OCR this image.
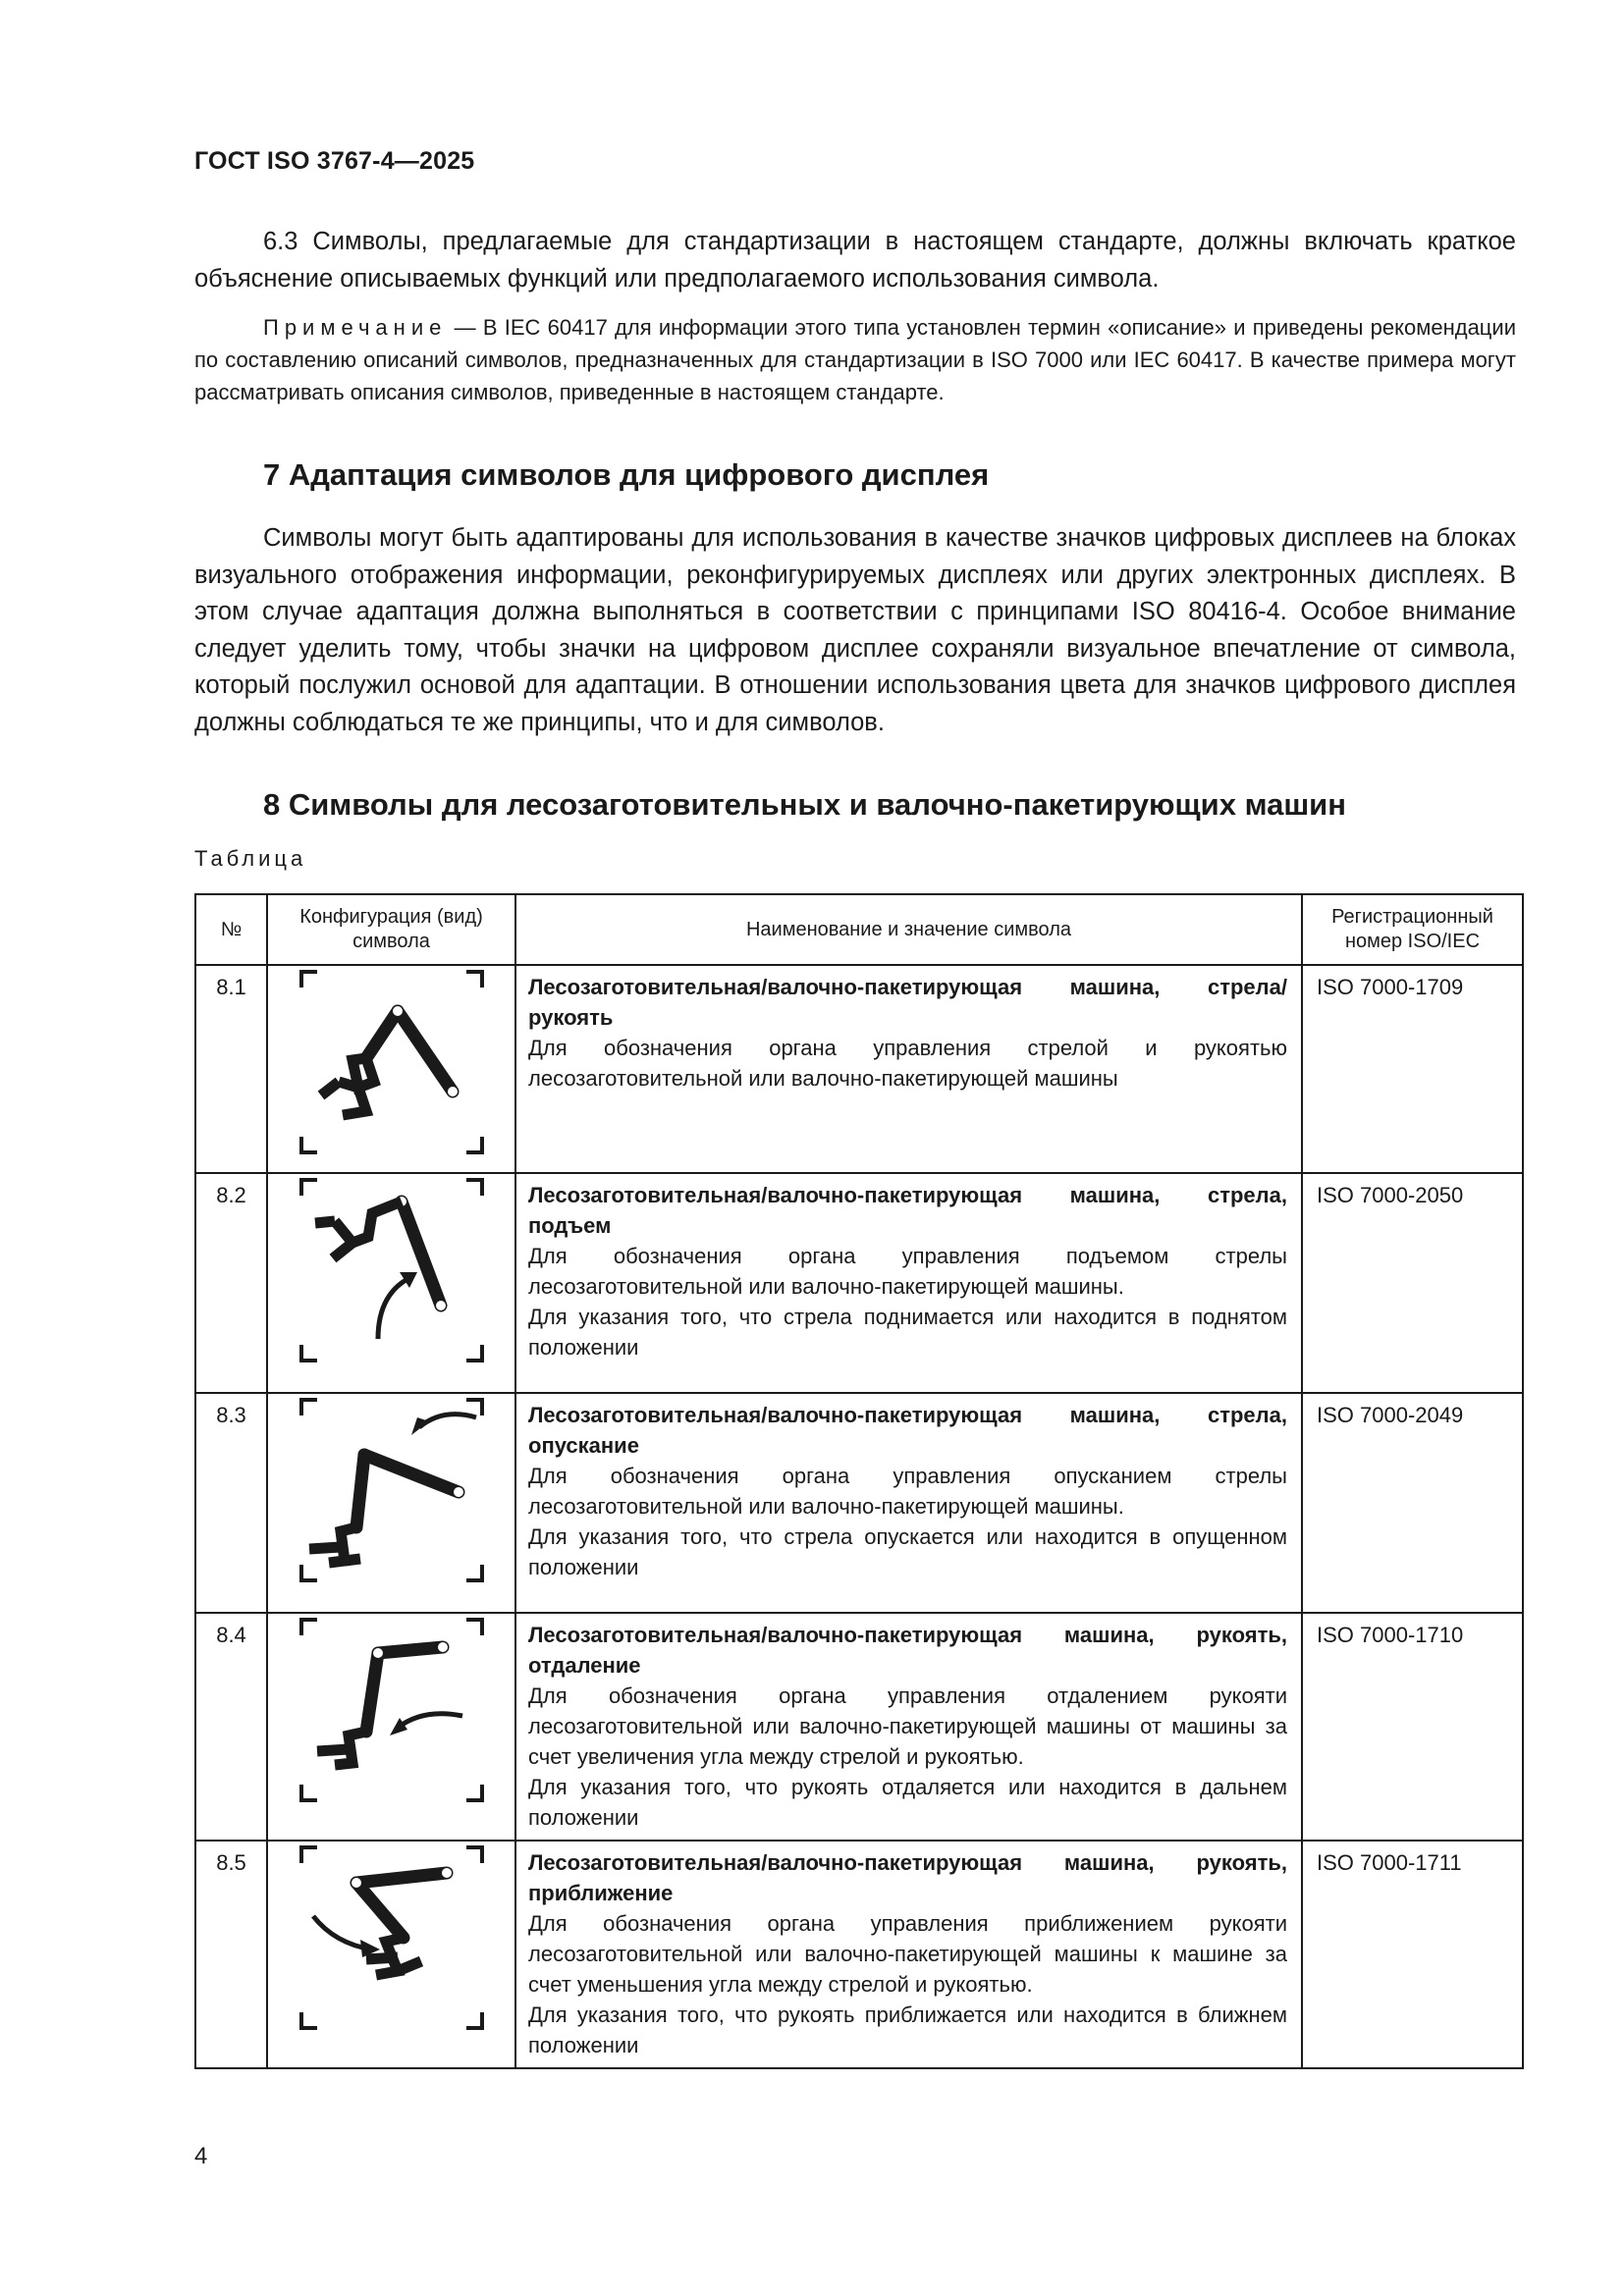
ГОСТ ISO 3767-4—2025

6.3 Символы, предлагаемые для стандартизации в настоящем стандарте, должны включать краткое объяснение описываемых функций или предполагаемого использования символа.

Примечание — В IEC 60417 для информации этого типа установлен термин «описание» и приведены рекомендации по составлению описаний символов, предназначенных для стандартизации в ISO 7000 или IEC 60417. В качестве примера могут рассматривать описания символов, приведенные в настоящем стандарте.

7 Адаптация символов для цифрового дисплея

Символы могут быть адаптированы для использования в качестве значков цифровых дисплеев на блоках визуального отображения информации, реконфигурируемых дисплеях или других электронных дисплеях. В этом случае адаптация должна выполняться в соответствии с принципами ISO 80416-4. Особое внимание следует уделить тому, чтобы значки на цифровом дисплее сохраняли визуальное впечатление от символа, который послужил основой для адаптации. В отношении использования цвета для значков цифрового дисплея должны соблюдаться те же принципы, что и для символов.

8 Символы для лесозаготовительных и валочно-пакетирующих машин
Таблица
№	Конфигурация (вид) символа	Наименование и значение символа	Регистрационный номер ISO/IEC
8.1		Лесозаготовительная/валочно-пакетирующая машина, стрела/рукоять
Для обозначения органа управления стрелой и рукоятью лесозаготовительной или валочно-пакетирующей машины	ISO 7000-1709
8.2		Лесозаготовительная/валочно-пакетирующая машина, стрела, подъем
Для обозначения органа управления подъемом стрелы лесозаготовительной или валочно-пакетирующей машины.
Для указания того, что стрела поднимается или находится в поднятом положении	ISO 7000-2050
8.3		Лесозаготовительная/валочно-пакетирующая машина, стрела, опускание
Для обозначения органа управления опусканием стрелы лесозаготовительной или валочно-пакетирующей машины.
Для указания того, что стрела опускается или находится в опущенном положении	ISO 7000-2049
8.4		Лесозаготовительная/валочно-пакетирующая машина, рукоять, отдаление
Для обозначения органа управления отдалением рукояти лесозаготовительной или валочно-пакетирующей машины от машины за счет увеличения угла между стрелой и рукоятью.
Для указания того, что рукоять отдаляется или находится в дальнем положении	ISO 7000-1710
8.5		Лесозаготовительная/валочно-пакетирующая машина, рукоять, приближение
Для обозначения органа управления приближением рукояти лесозаготовительной или валочно-пакетирующей машины к машине за счет уменьшения угла между стрелой и рукоятью.
Для указания того, что рукоять приближается или находится в ближнем положении	ISO 7000-1711
4
